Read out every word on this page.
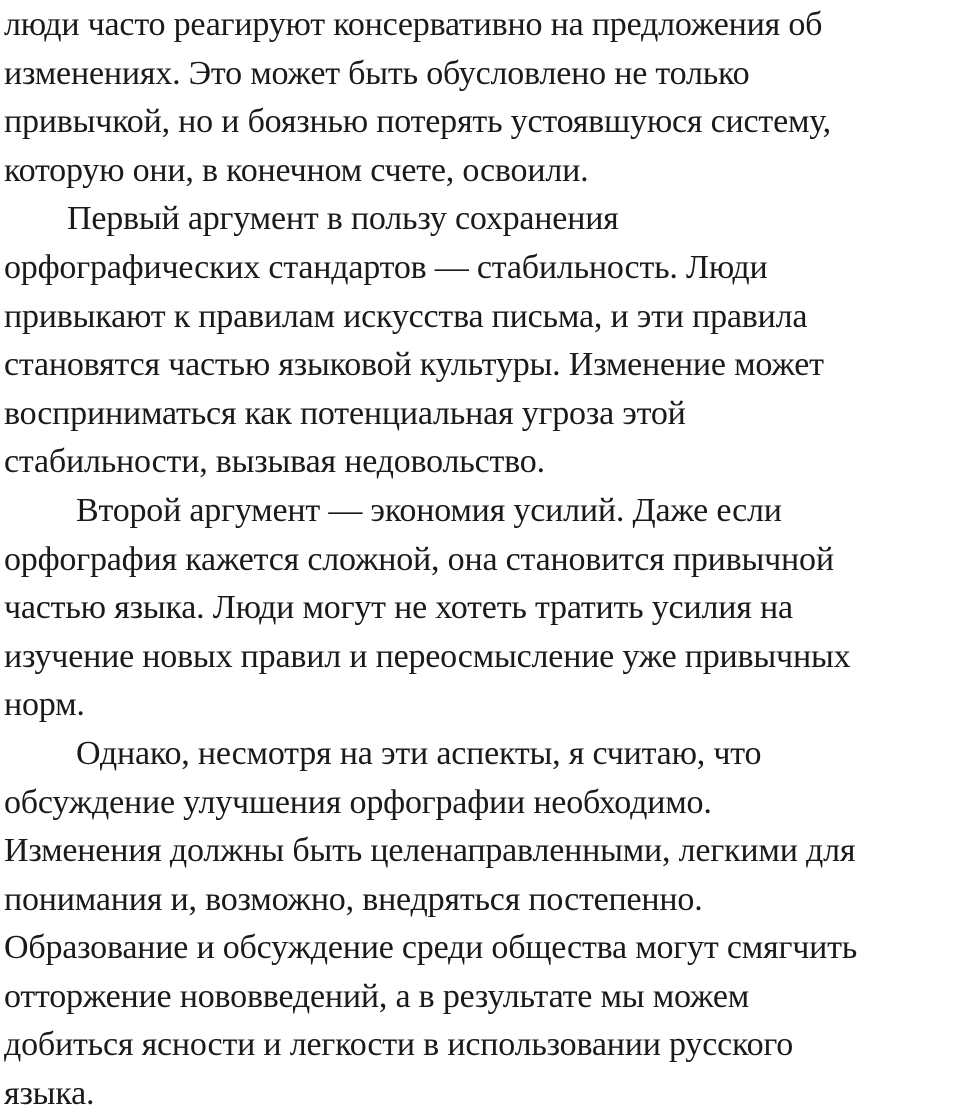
люди часто реагируют консервативно на предложения об
изменениях. Это может быть обусловлено не только
привычкой, но и боязнью потерять устоявшуюся систему,
которую они, в конечном счете, освоили.
Первый аргумент в пользу сохранения
орфографических стандартов — стабильность. Люди
привыкают к правилам искусства письма, и эти правила
становятся частью языковой культуры. Изменение может
восприниматься как потенциальная угроза этой
стабильности, вызывая недовольство.
Второй аргумент — экономия усилий. Даже если
орфография кажется сложной, она становится привычной
частью языка. Люди могут не хотеть тратить усилия на
изучение новых правил и переосмысление уже привычных
норм.
Однако, несмотря на эти аспекты, я считаю, что
обсуждение улучшения орфографии необходимо.
Изменения должны быть целенаправленными, легкими для
понимания и, возможно, внедряться постепенно.
Образование и обсуждение среди общества могут смягчить
отторжение нововведений, а в результате мы можем
добиться ясности и легкости в использовании русского
языка.
